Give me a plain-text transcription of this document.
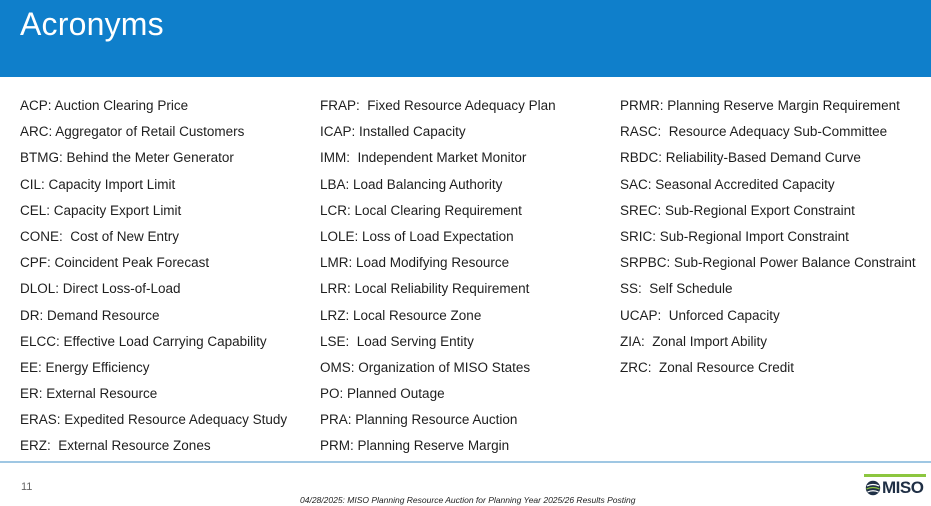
Acronyms
ACP: Auction Clearing Price
ARC: Aggregator of Retail Customers
BTMG: Behind the Meter Generator
CIL: Capacity Import Limit
CEL: Capacity Export Limit
CONE:  Cost of New Entry
CPF: Coincident Peak Forecast
DLOL: Direct Loss-of-Load
DR: Demand Resource
ELCC: Effective Load Carrying Capability
EE: Energy Efficiency
ER: External Resource
ERAS: Expedited Resource Adequacy Study
ERZ:  External Resource Zones
FRAP:  Fixed Resource Adequacy Plan
ICAP: Installed Capacity
IMM:  Independent Market Monitor
LBA: Load Balancing Authority
LCR: Local Clearing Requirement
LOLE: Loss of Load Expectation
LMR: Load Modifying Resource
LRR: Local Reliability Requirement
LRZ: Local Resource Zone
LSE:  Load Serving Entity
OMS: Organization of MISO States
PO: Planned Outage
PRA: Planning Resource Auction
PRM: Planning Reserve Margin
PRMR: Planning Reserve Margin Requirement
RASC:  Resource Adequacy Sub-Committee
RBDC: Reliability-Based Demand Curve
SAC: Seasonal Accredited Capacity
SREC: Sub-Regional Export Constraint
SRIC: Sub-Regional Import Constraint
SRPBC: Sub-Regional Power Balance Constraint
SS:  Self Schedule
UCAP:  Unforced Capacity
ZIA:  Zonal Import Ability
ZRC:  Zonal Resource Credit
11
04/28/2025: MISO Planning Resource Auction for Planning Year 2025/26 Results Posting
MISO
